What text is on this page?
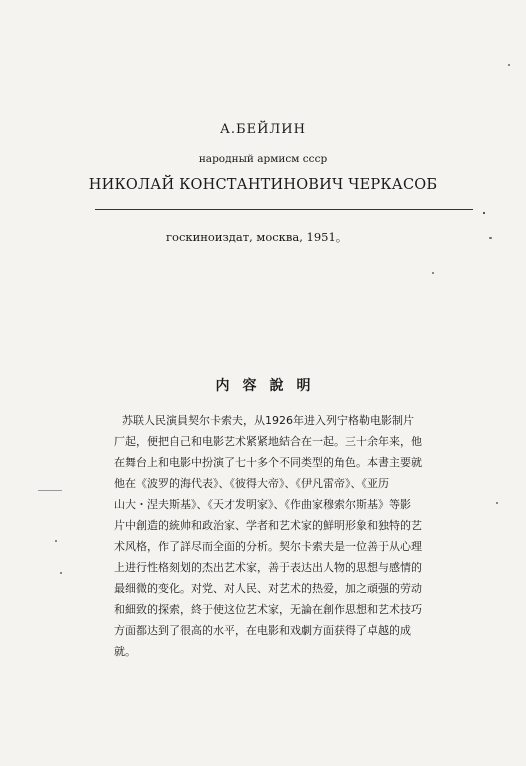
А.БЕЙЛИН
народный армисм ссср
НИКОЛАЙ КОНСТАНТИНОВИЧ ЧЕРКАСОБ
госкиноиздат, москва, 1951。
内容說明
苏联人民演員契尔卡索夫，从1926年进入列宁格勒电影制片
厂起，便把自己和电影艺术紧紧地結合在一起。三十余年来，他
在舞台上和电影中扮演了七十多个不同类型的角色。本書主要就
他在《波罗的海代表》、《彼得大帝》、《伊凡雷帝》、《亚历
山大・涅夫斯基》、《天才发明家》、《作曲家穆索尔斯基》等影
片中創造的統帅和政治家、学者和艺术家的鮮明形象和独特的艺
术风格，作了詳尽而全面的分析。契尔卡索夫是一位善于从心理
上进行性格刻划的杰出艺术家，善于表达出人物的思想与感情的
最细微的变化。对党、对人民、对艺术的热爱，加之頑强的劳动
和細致的探索，終于使这位艺术家，无論在創作思想和艺术技巧
方面都达到了很高的水平，在电影和戏劇方面获得了卓越的成
就。
